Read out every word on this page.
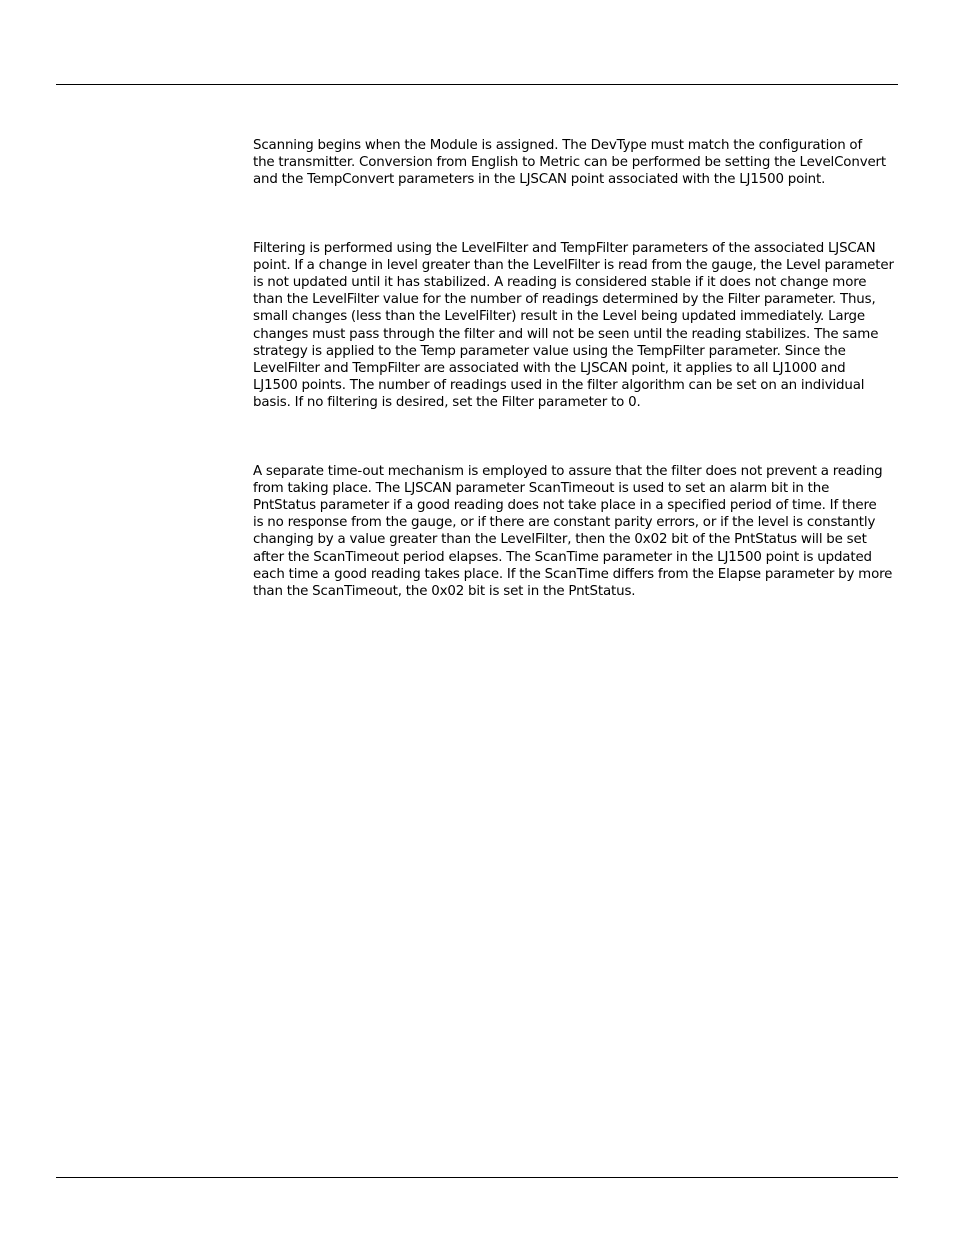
Scanning begins when the Module is assigned. The DevType must match the configuration of
the transmitter. Conversion from English to Metric can be performed be setting the LevelConvert
and the TempConvert parameters in the LJSCAN point associated with the LJ1500 point.

Filtering is performed using the LevelFilter and TempFilter parameters of the associated LJSCAN
point. If a change in level greater than the LevelFilter is read from the gauge, the Level parameter
is not updated until it has stabilized. A reading is considered stable if it does not change more
than the LevelFilter value for the number of readings determined by the Filter parameter. Thus,
small changes (less than the LevelFilter) result in the Level being updated immediately. Large
changes must pass through the filter and will not be seen until the reading stabilizes. The same
strategy is applied to the Temp parameter value using the TempFilter parameter. Since the
LevelFilter and TempFilter are associated with the LJSCAN point, it applies to all LJ1000 and
LJ1500 points. The number of readings used in the filter algorithm can be set on an individual
basis. If no filtering is desired, set the Filter parameter to 0.

A separate time-out mechanism is employed to assure that the filter does not prevent a reading
from taking place. The LJSCAN parameter ScanTimeout is used to set an alarm bit in the
PntStatus parameter if a good reading does not take place in a specified period of time. If there
is no response from the gauge, or if there are constant parity errors, or if the level is constantly
changing by a value greater than the LevelFilter, then the 0x02 bit of the PntStatus will be set
after the ScanTimeout period elapses. The ScanTime parameter in the LJ1500 point is updated
each time a good reading takes place. If the ScanTime differs from the Elapse parameter by more
than the ScanTimeout, the 0x02 bit is set in the PntStatus.
